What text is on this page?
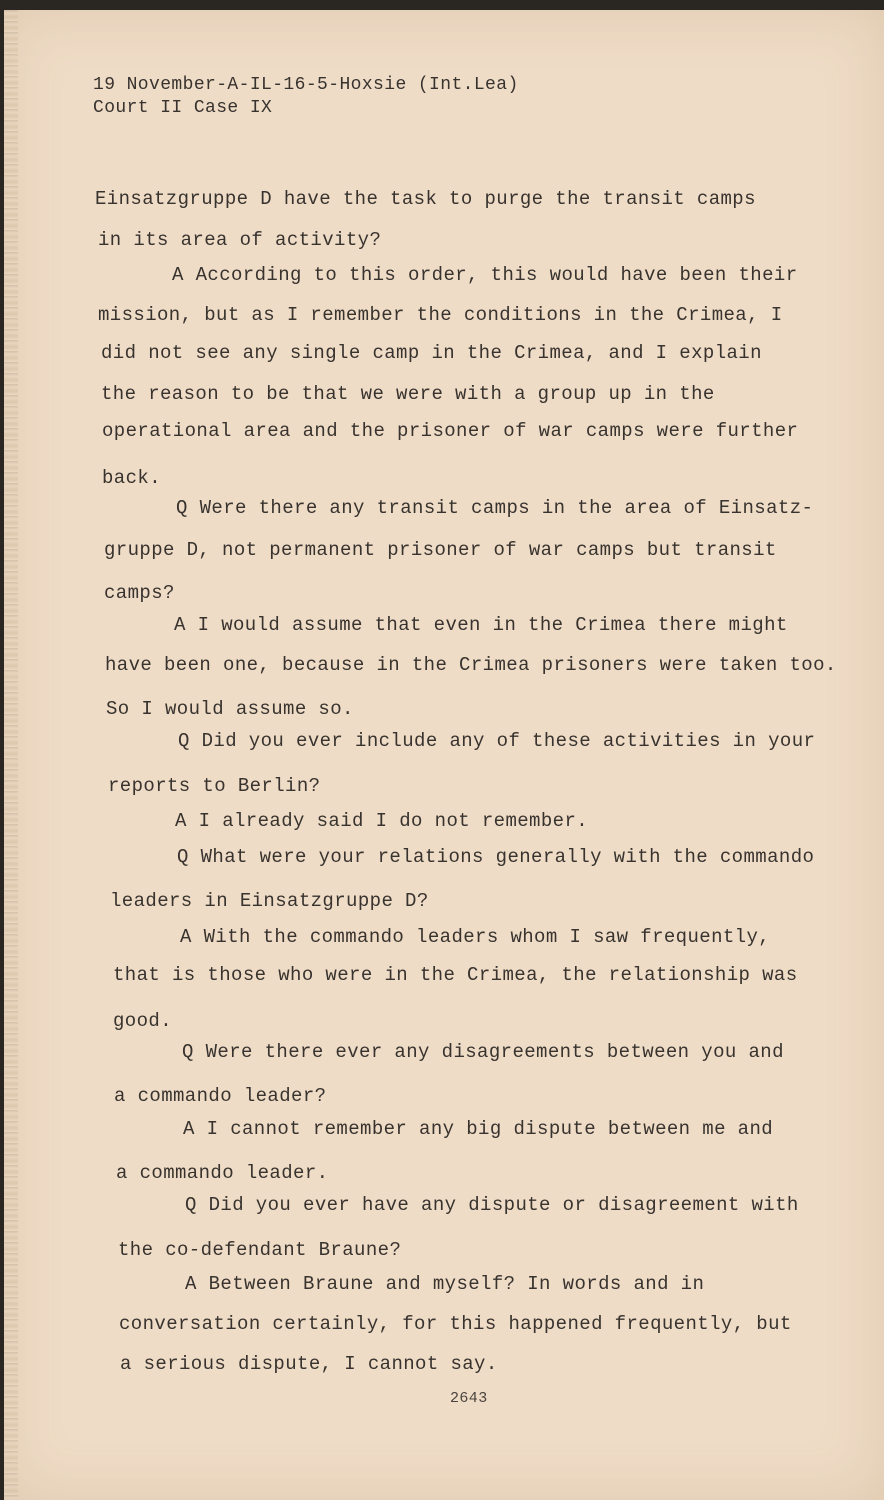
19 November-A-IL-16-5-Hoxsie (Int.Lea)

Court II Case IX

Einsatzgruppe D have the task to purge the transit camps

in its area of activity?

A According to this order, this would have been their

mission, but as I remember the conditions in the Crimea, I

did not see any single camp in the Crimea, and I explain

the reason to be that we were with a group up in the

operational area and the prisoner of war camps were further

back.

Q Were there any transit camps in the area of Einsatz-

gruppe D, not permanent prisoner of war camps but transit

camps?

A I would assume that even in the Crimea there might

have been one, because in the Crimea prisoners were taken too.

So I would assume so.

Q Did you ever include any of these activities in your

reports to Berlin?

A I already said I do not remember.

Q What were your relations generally with the commando

leaders in Einsatzgruppe D?

A With the commando leaders whom I saw frequently,

that is those who were in the Crimea, the relationship was

good.

Q Were there ever any disagreements between you and

a commando leader?

A I cannot remember any big dispute between me and

a commando leader.

Q Did you ever have any dispute or disagreement with

the co-defendant Braune?

A Between Braune and myself? In words and in

conversation certainly, for this happened frequently, but

a serious dispute, I cannot say.

2643
